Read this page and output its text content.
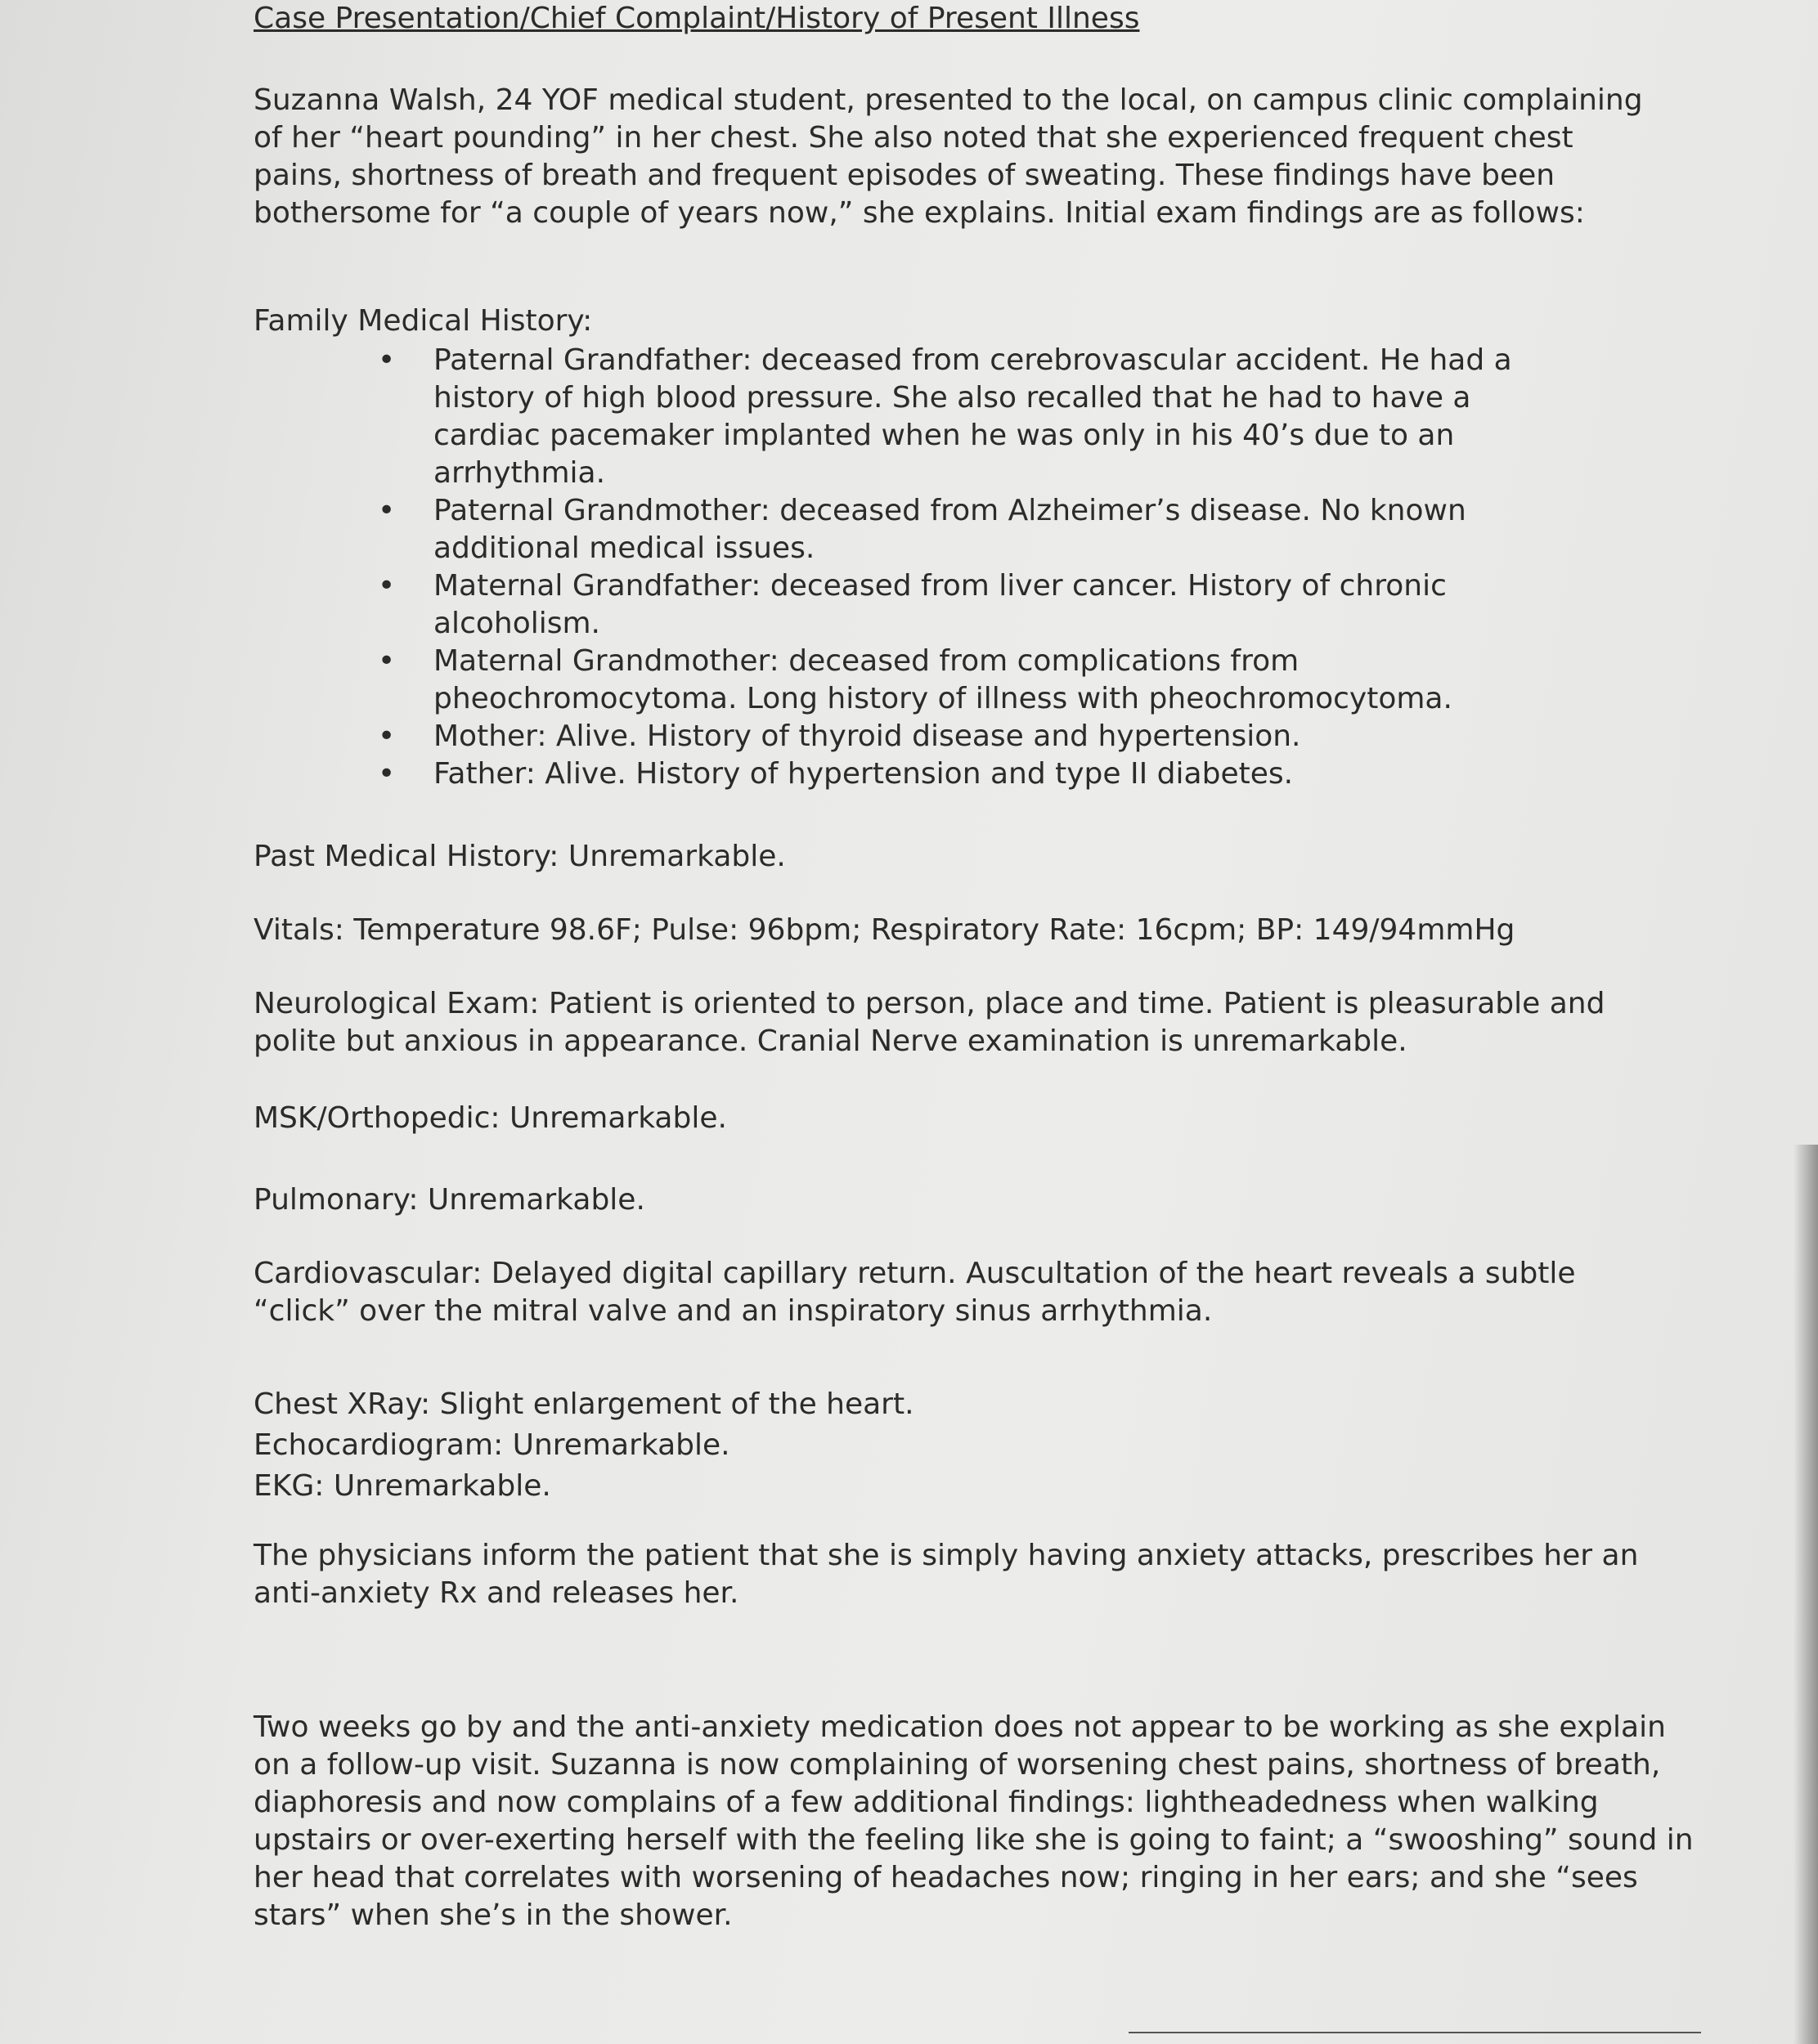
Case Presentation/Chief Complaint/History of Present Illness

Suzanna Walsh, 24 YOF medical student, presented to the local, on campus clinic complaining of her “heart pounding” in her chest. She also noted that she experienced frequent chest pains, shortness of breath and frequent episodes of sweating. These findings have been bothersome for “a couple of years now,” she explains. Initial exam findings are as follows:

Family Medical History:

• Paternal Grandfather: deceased from cerebrovascular accident. He had a history of high blood pressure. She also recalled that he had to have a cardiac pacemaker implanted when he was only in his 40’s due to an arrhythmia.
• Paternal Grandmother: deceased from Alzheimer’s disease. No known additional medical issues.
• Maternal Grandfather: deceased from liver cancer. History of chronic alcoholism.
• Maternal Grandmother: deceased from complications from pheochromocytoma. Long history of illness with pheochromocytoma.
• Mother: Alive. History of thyroid disease and hypertension.
• Father: Alive. History of hypertension and type II diabetes.

Past Medical History: Unremarkable.

Vitals: Temperature 98.6F; Pulse: 96bpm; Respiratory Rate: 16cpm; BP: 149/94mmHg

Neurological Exam: Patient is oriented to person, place and time. Patient is pleasurable and polite but anxious in appearance. Cranial Nerve examination is unremarkable.

MSK/Orthopedic: Unremarkable.

Pulmonary: Unremarkable.

Cardiovascular: Delayed digital capillary return. Auscultation of the heart reveals a subtle “click” over the mitral valve and an inspiratory sinus arrhythmia.

Chest XRay: Slight enlargement of the heart.

Echocardiogram: Unremarkable.

EKG: Unremarkable.

The physicians inform the patient that she is simply having anxiety attacks, prescribes her an anti-anxiety Rx and releases her.

Two weeks go by and the anti-anxiety medication does not appear to be working as she explain on a follow-up visit. Suzanna is now complaining of worsening chest pains, shortness of breath, diaphoresis and now complains of a few additional findings: lightheadedness when walking upstairs or over-exerting herself with the feeling like she is going to faint; a “swooshing” sound in her head that correlates with worsening of headaches now; ringing in her ears; and she “sees stars” when she’s in the shower.
